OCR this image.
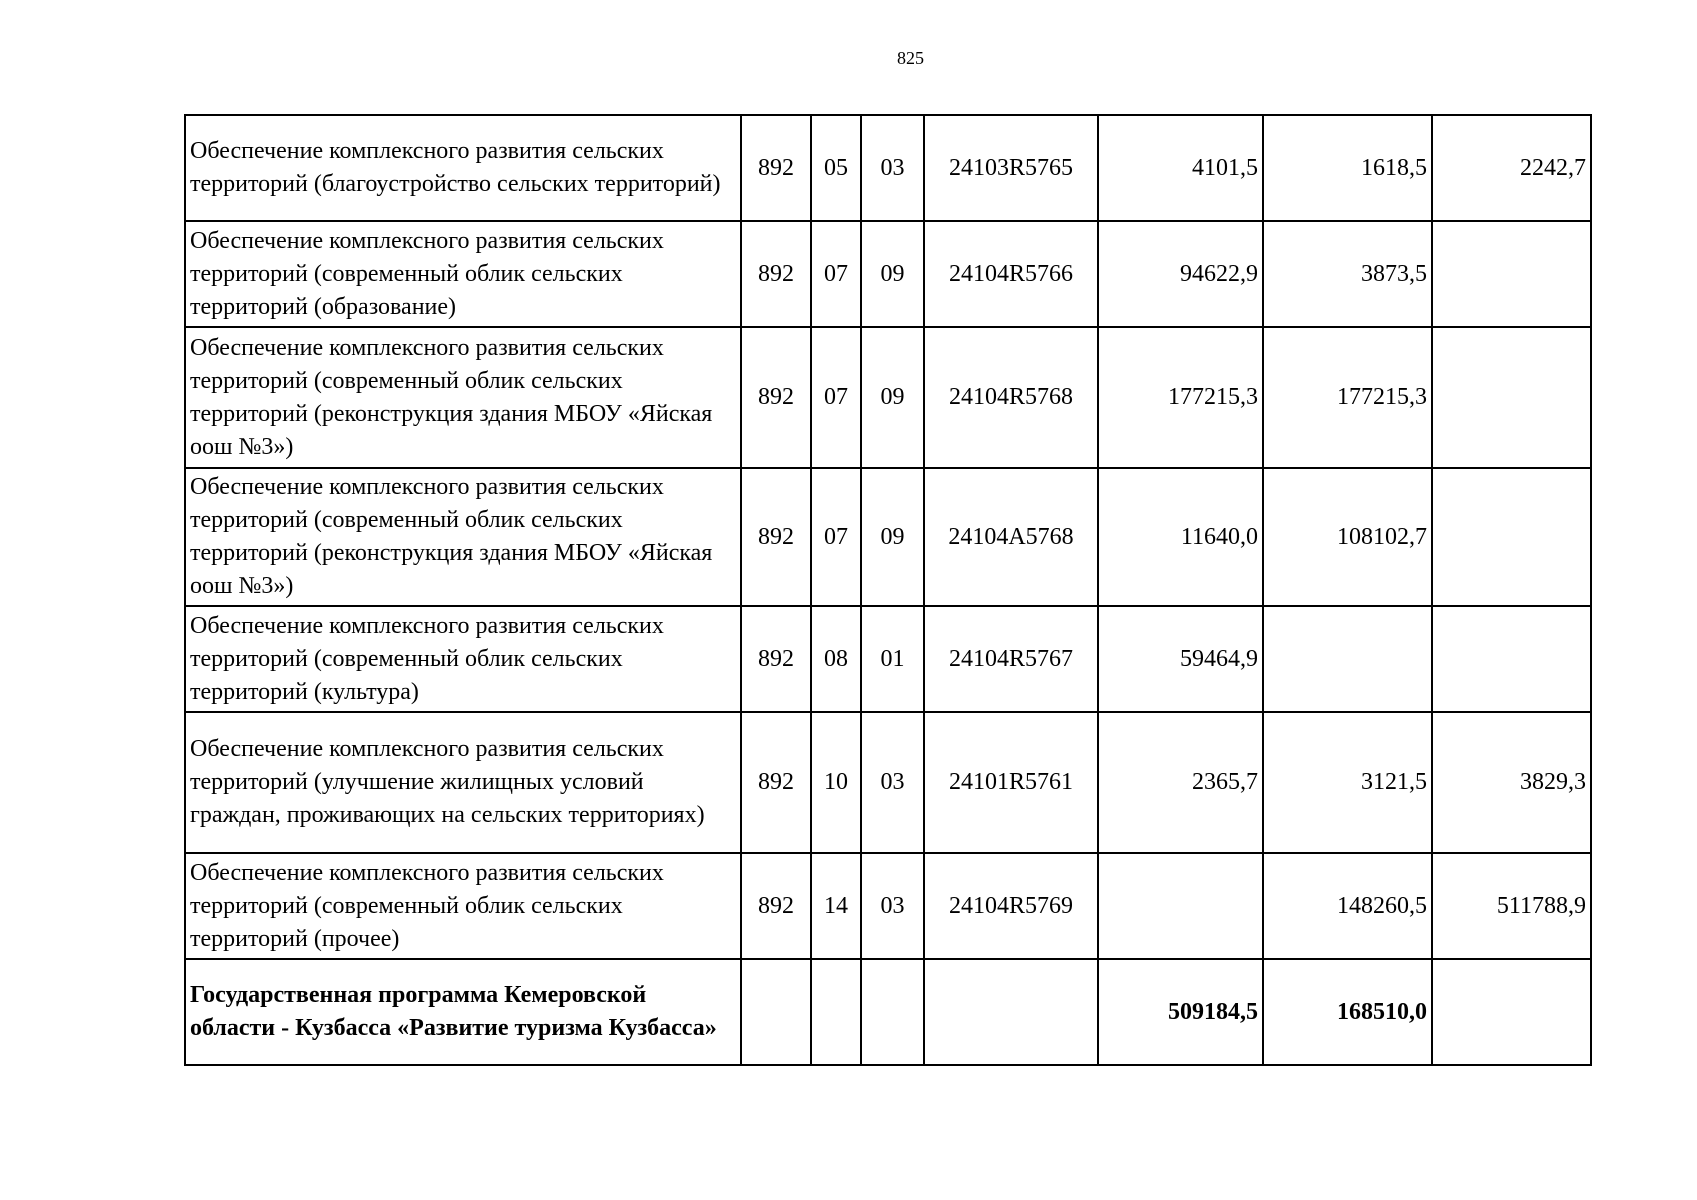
825
Обеспечение комплексного развития сельских территорий (благоустройство сельских территорий)	892	05	03	24103R5765	4101,5	1618,5	2242,7
Обеспечение комплексного развития сельских территорий (современный облик сельских территорий (образование)	892	07	09	24104R5766	94622,9	3873,5	
Обеспечение комплексного развития сельских территорий (современный облик сельских территорий (реконструкция здания МБОУ «Яйская оош №3»)	892	07	09	24104R5768	177215,3	177215,3	
Обеспечение комплексного развития сельских территорий (современный облик сельских территорий (реконструкция здания МБОУ «Яйская оош №3»)	892	07	09	24104A5768	11640,0	108102,7	
Обеспечение комплексного развития сельских территорий (современный облик сельских территорий (культура)	892	08	01	24104R5767	59464,9		
Обеспечение комплексного развития сельских территорий (улучшение жилищных условий граждан, проживающих на сельских территориях)	892	10	03	24101R5761	2365,7	3121,5	3829,3
Обеспечение комплексного развития сельских территорий (современный облик сельских территорий (прочее)	892	14	03	24104R5769		148260,5	511788,9
Государственная программа Кемеровской области - Кузбасса «Развитие туризма Кузбасса»					509184,5	168510,0	
